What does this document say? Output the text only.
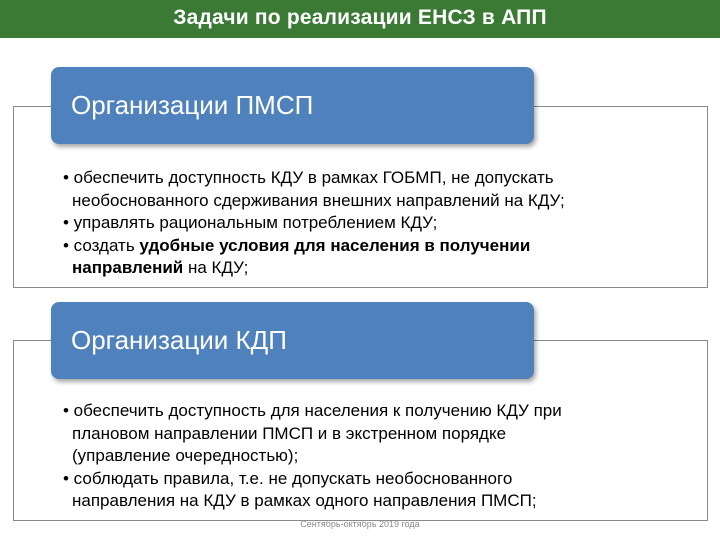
Задачи по реализации ЕНСЗ в АПП
Организации ПМСП
• обеспечить доступность КДУ в рамках ГОБМП, не допускать
необоснованного сдерживания внешних направлений на КДУ;
• управлять рациональным потреблением КДУ;
• создать удобные условия для населения в получении
направлений на КДУ;
Организации КДП
• обеспечить доступность для населения к получению КДУ при
плановом направлении ПМСП и в экстренном порядке
(управление очередностью);
• соблюдать правила, т.е. не допускать необоснованного
направления на КДУ в рамках одного направления ПМСП;
Сентябрь-октябрь 2019 года
